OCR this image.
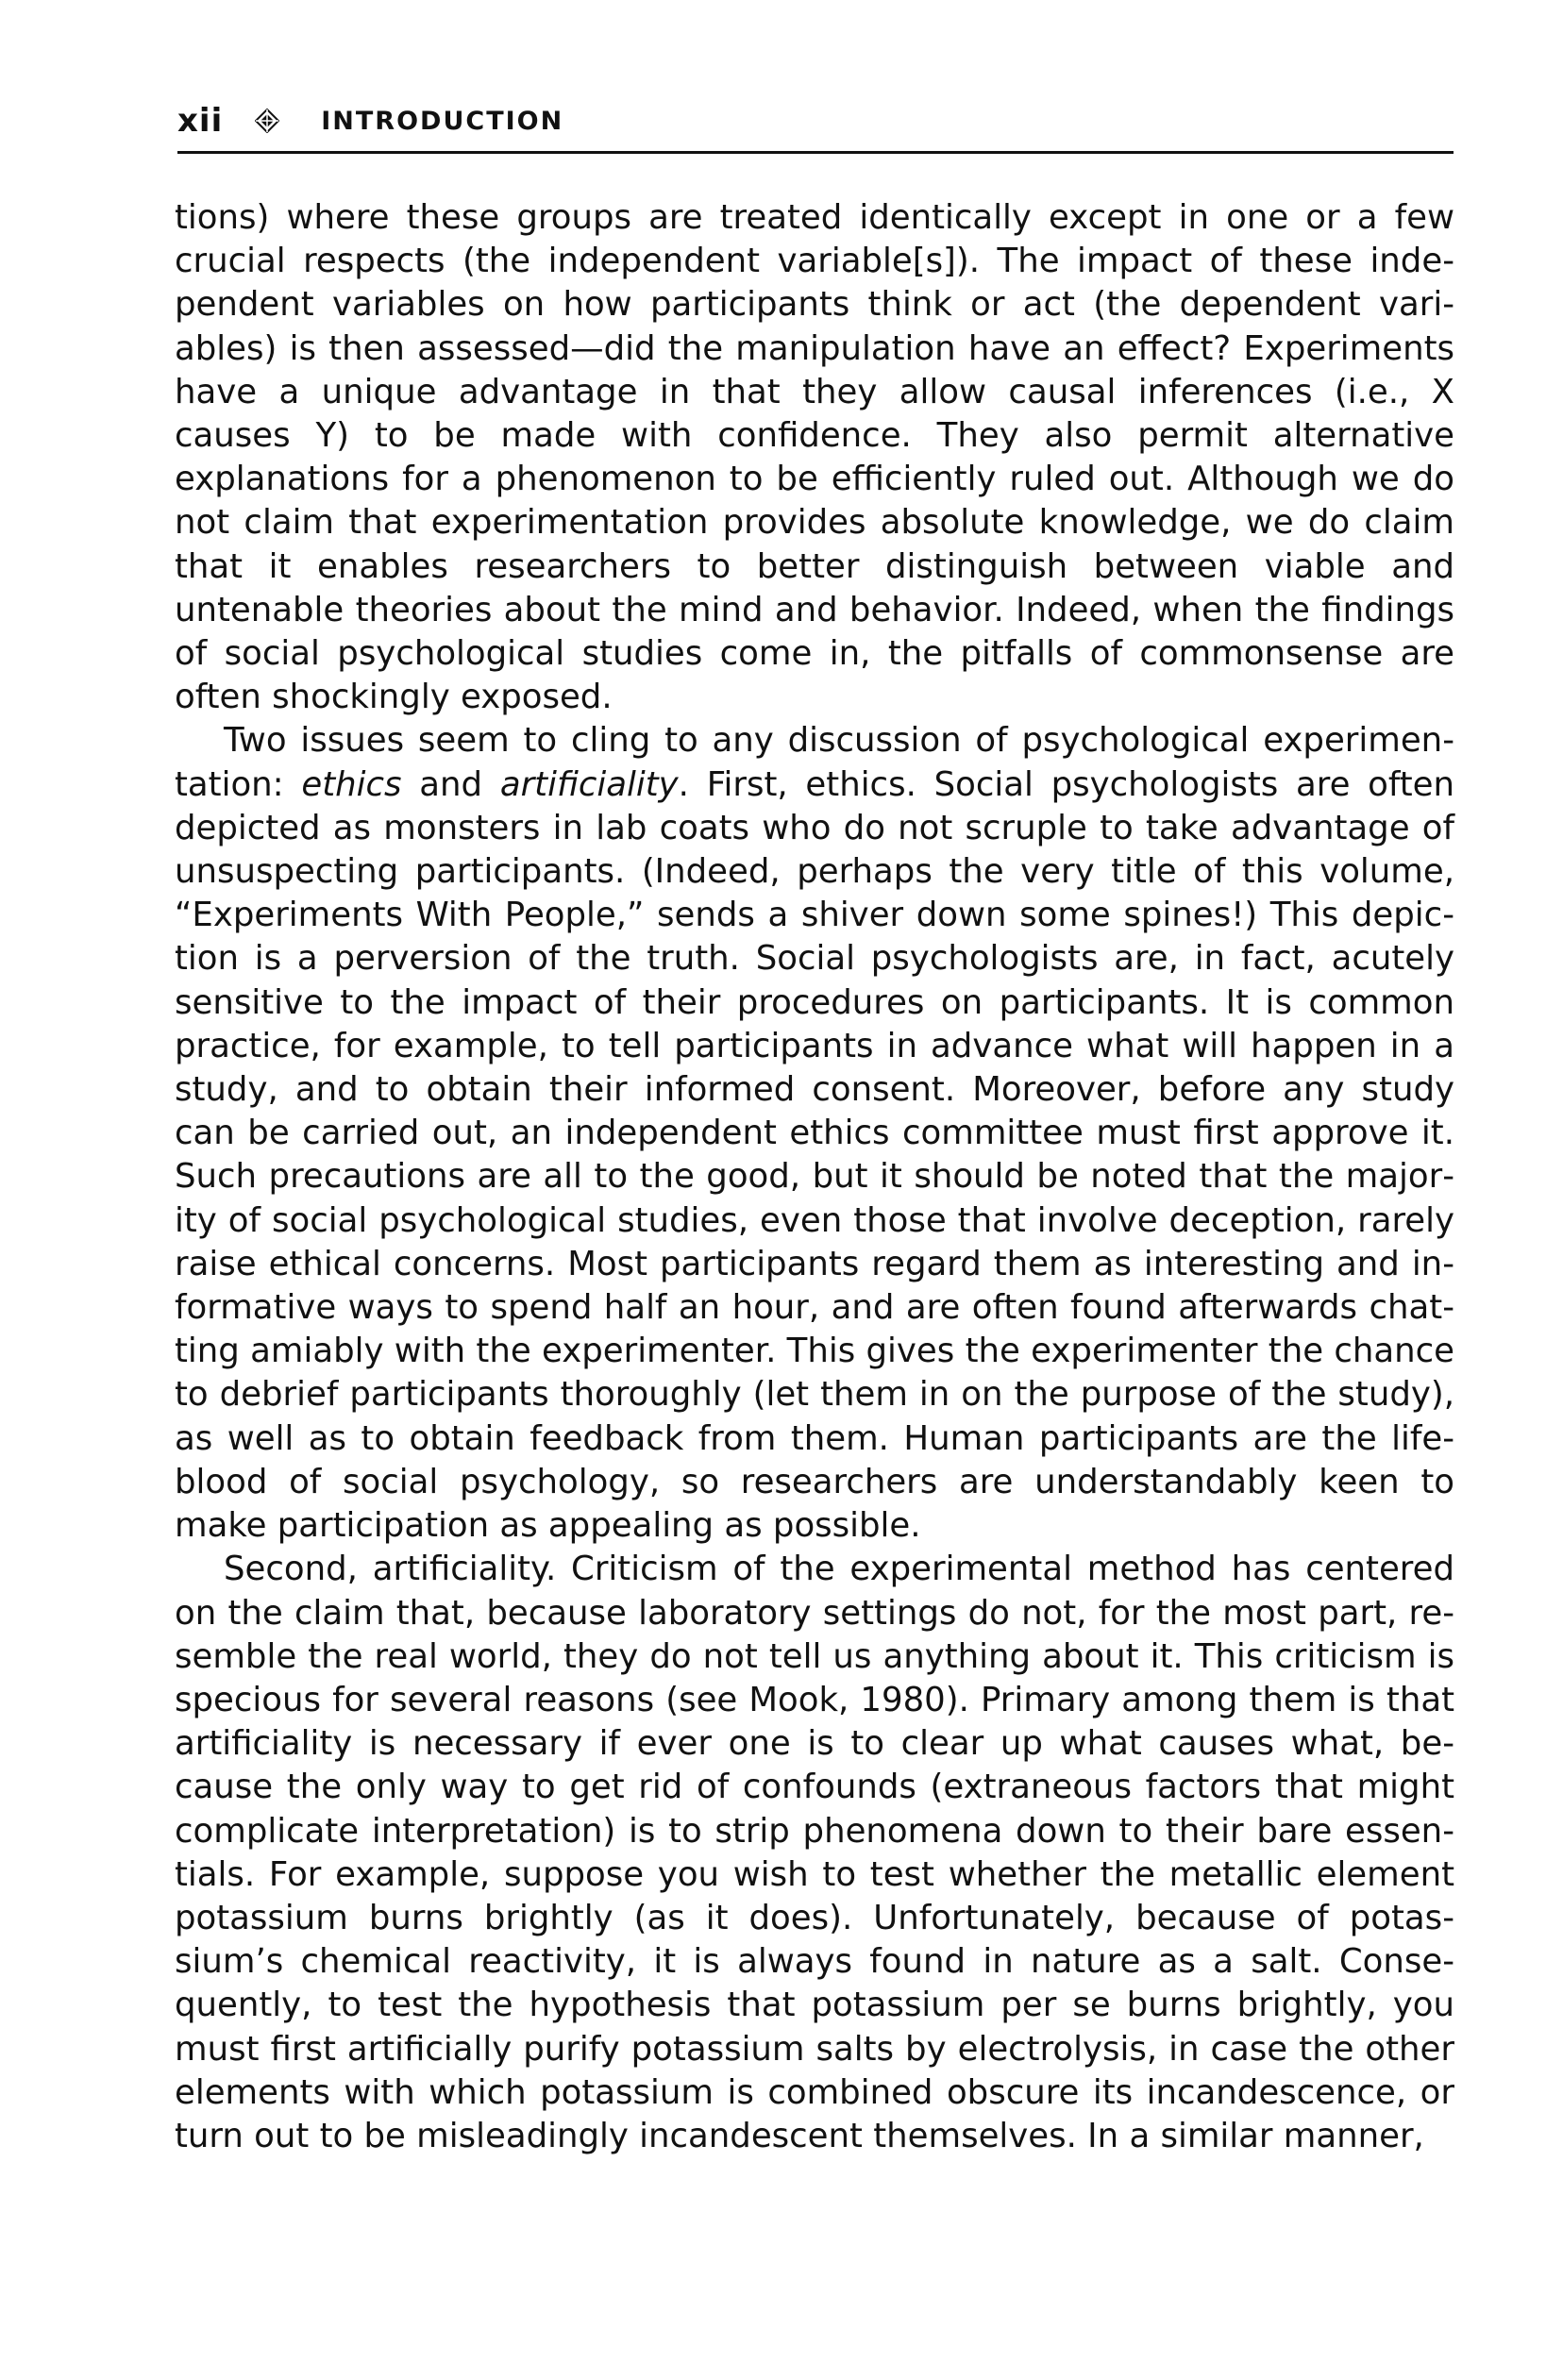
xii	INTRODUCTION

tions) where these groups are treated identically except in one or a few crucial respects (the independent variable[s]). The impact of these independent variables on how participants think or act (the dependent variables) is then assessed—did the manipulation have an effect? Experiments have a unique advantage in that they allow causal inferences (i.e., X causes Y) to be made with confidence. They also permit alternative explanations for a phenomenon to be efficiently ruled out. Although we do not claim that experimentation provides absolute knowledge, we do claim that it enables researchers to better distinguish between viable and untenable theories about the mind and behavior. Indeed, when the findings of social psychological studies come in, the pitfalls of commonsense are often shockingly exposed.

Two issues seem to cling to any discussion of psychological experimentation: ethics and artificiality. First, ethics. Social psychologists are often depicted as monsters in lab coats who do not scruple to take advantage of unsuspecting participants. (Indeed, perhaps the very title of this volume, “Experiments With People,” sends a shiver down some spines!) This depiction is a perversion of the truth. Social psychologists are, in fact, acutely sensitive to the impact of their procedures on participants. It is common practice, for example, to tell participants in advance what will happen in a study, and to obtain their informed consent. Moreover, before any study can be carried out, an independent ethics committee must first approve it. Such precautions are all to the good, but it should be noted that the majority of social psychological studies, even those that involve deception, rarely raise ethical concerns. Most participants regard them as interesting and informative ways to spend half an hour, and are often found afterwards chatting amiably with the experimenter. This gives the experimenter the chance to debrief participants thoroughly (let them in on the purpose of the study), as well as to obtain feedback from them. Human participants are the lifeblood of social psychology, so researchers are understandably keen to make participation as appealing as possible.

Second, artificiality. Criticism of the experimental method has centered on the claim that, because laboratory settings do not, for the most part, resemble the real world, they do not tell us anything about it. This criticism is specious for several reasons (see Mook, 1980). Primary among them is that artificiality is necessary if ever one is to clear up what causes what, because the only way to get rid of confounds (extraneous factors that might complicate interpretation) is to strip phenomena down to their bare essentials. For example, suppose you wish to test whether the metallic element potassium burns brightly (as it does). Unfortunately, because of potassium’s chemical reactivity, it is always found in nature as a salt. Consequently, to test the hypothesis that potassium per se burns brightly, you must first artificially purify potassium salts by electrolysis, in case the other elements with which potassium is combined obscure its incandescence, or turn out to be misleadingly incandescent themselves. In a similar manner,
